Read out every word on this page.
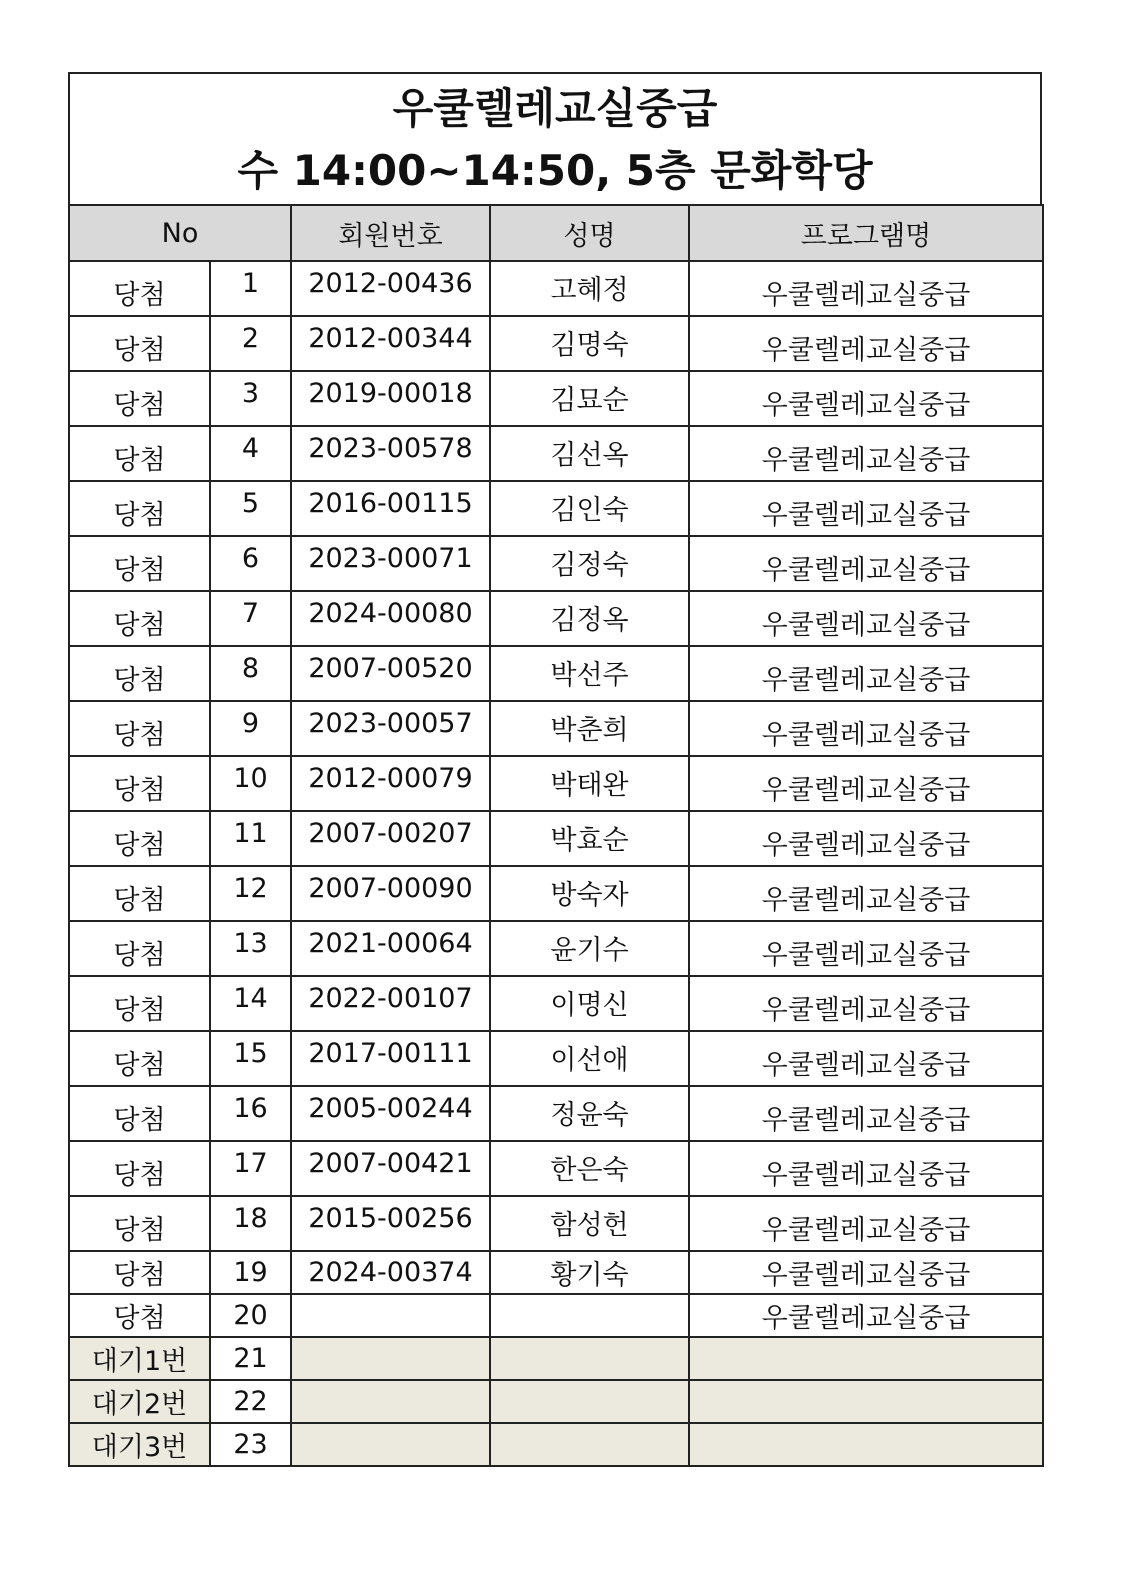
우쿨렐레교실중급
수 14:00~14:50, 5층 문화학당
No		회원번호	성명	프로그램명
당첨	1	2012-00436	고혜정	우쿨렐레교실중급
당첨	2	2012-00344	김명숙	우쿨렐레교실중급
당첨	3	2019-00018	김묘순	우쿨렐레교실중급
당첨	4	2023-00578	김선옥	우쿨렐레교실중급
당첨	5	2016-00115	김인숙	우쿨렐레교실중급
당첨	6	2023-00071	김정숙	우쿨렐레교실중급
당첨	7	2024-00080	김정옥	우쿨렐레교실중급
당첨	8	2007-00520	박선주	우쿨렐레교실중급
당첨	9	2023-00057	박춘희	우쿨렐레교실중급
당첨	10	2012-00079	박태완	우쿨렐레교실중급
당첨	11	2007-00207	박효순	우쿨렐레교실중급
당첨	12	2007-00090	방숙자	우쿨렐레교실중급
당첨	13	2021-00064	윤기수	우쿨렐레교실중급
당첨	14	2022-00107	이명신	우쿨렐레교실중급
당첨	15	2017-00111	이선애	우쿨렐레교실중급
당첨	16	2005-00244	정윤숙	우쿨렐레교실중급
당첨	17	2007-00421	한은숙	우쿨렐레교실중급
당첨	18	2015-00256	함성헌	우쿨렐레교실중급
당첨	19	2024-00374	황기숙	우쿨렐레교실중급
당첨	20			우쿨렐레교실중급
대기1번	21			
대기2번	22			
대기3번	23			
